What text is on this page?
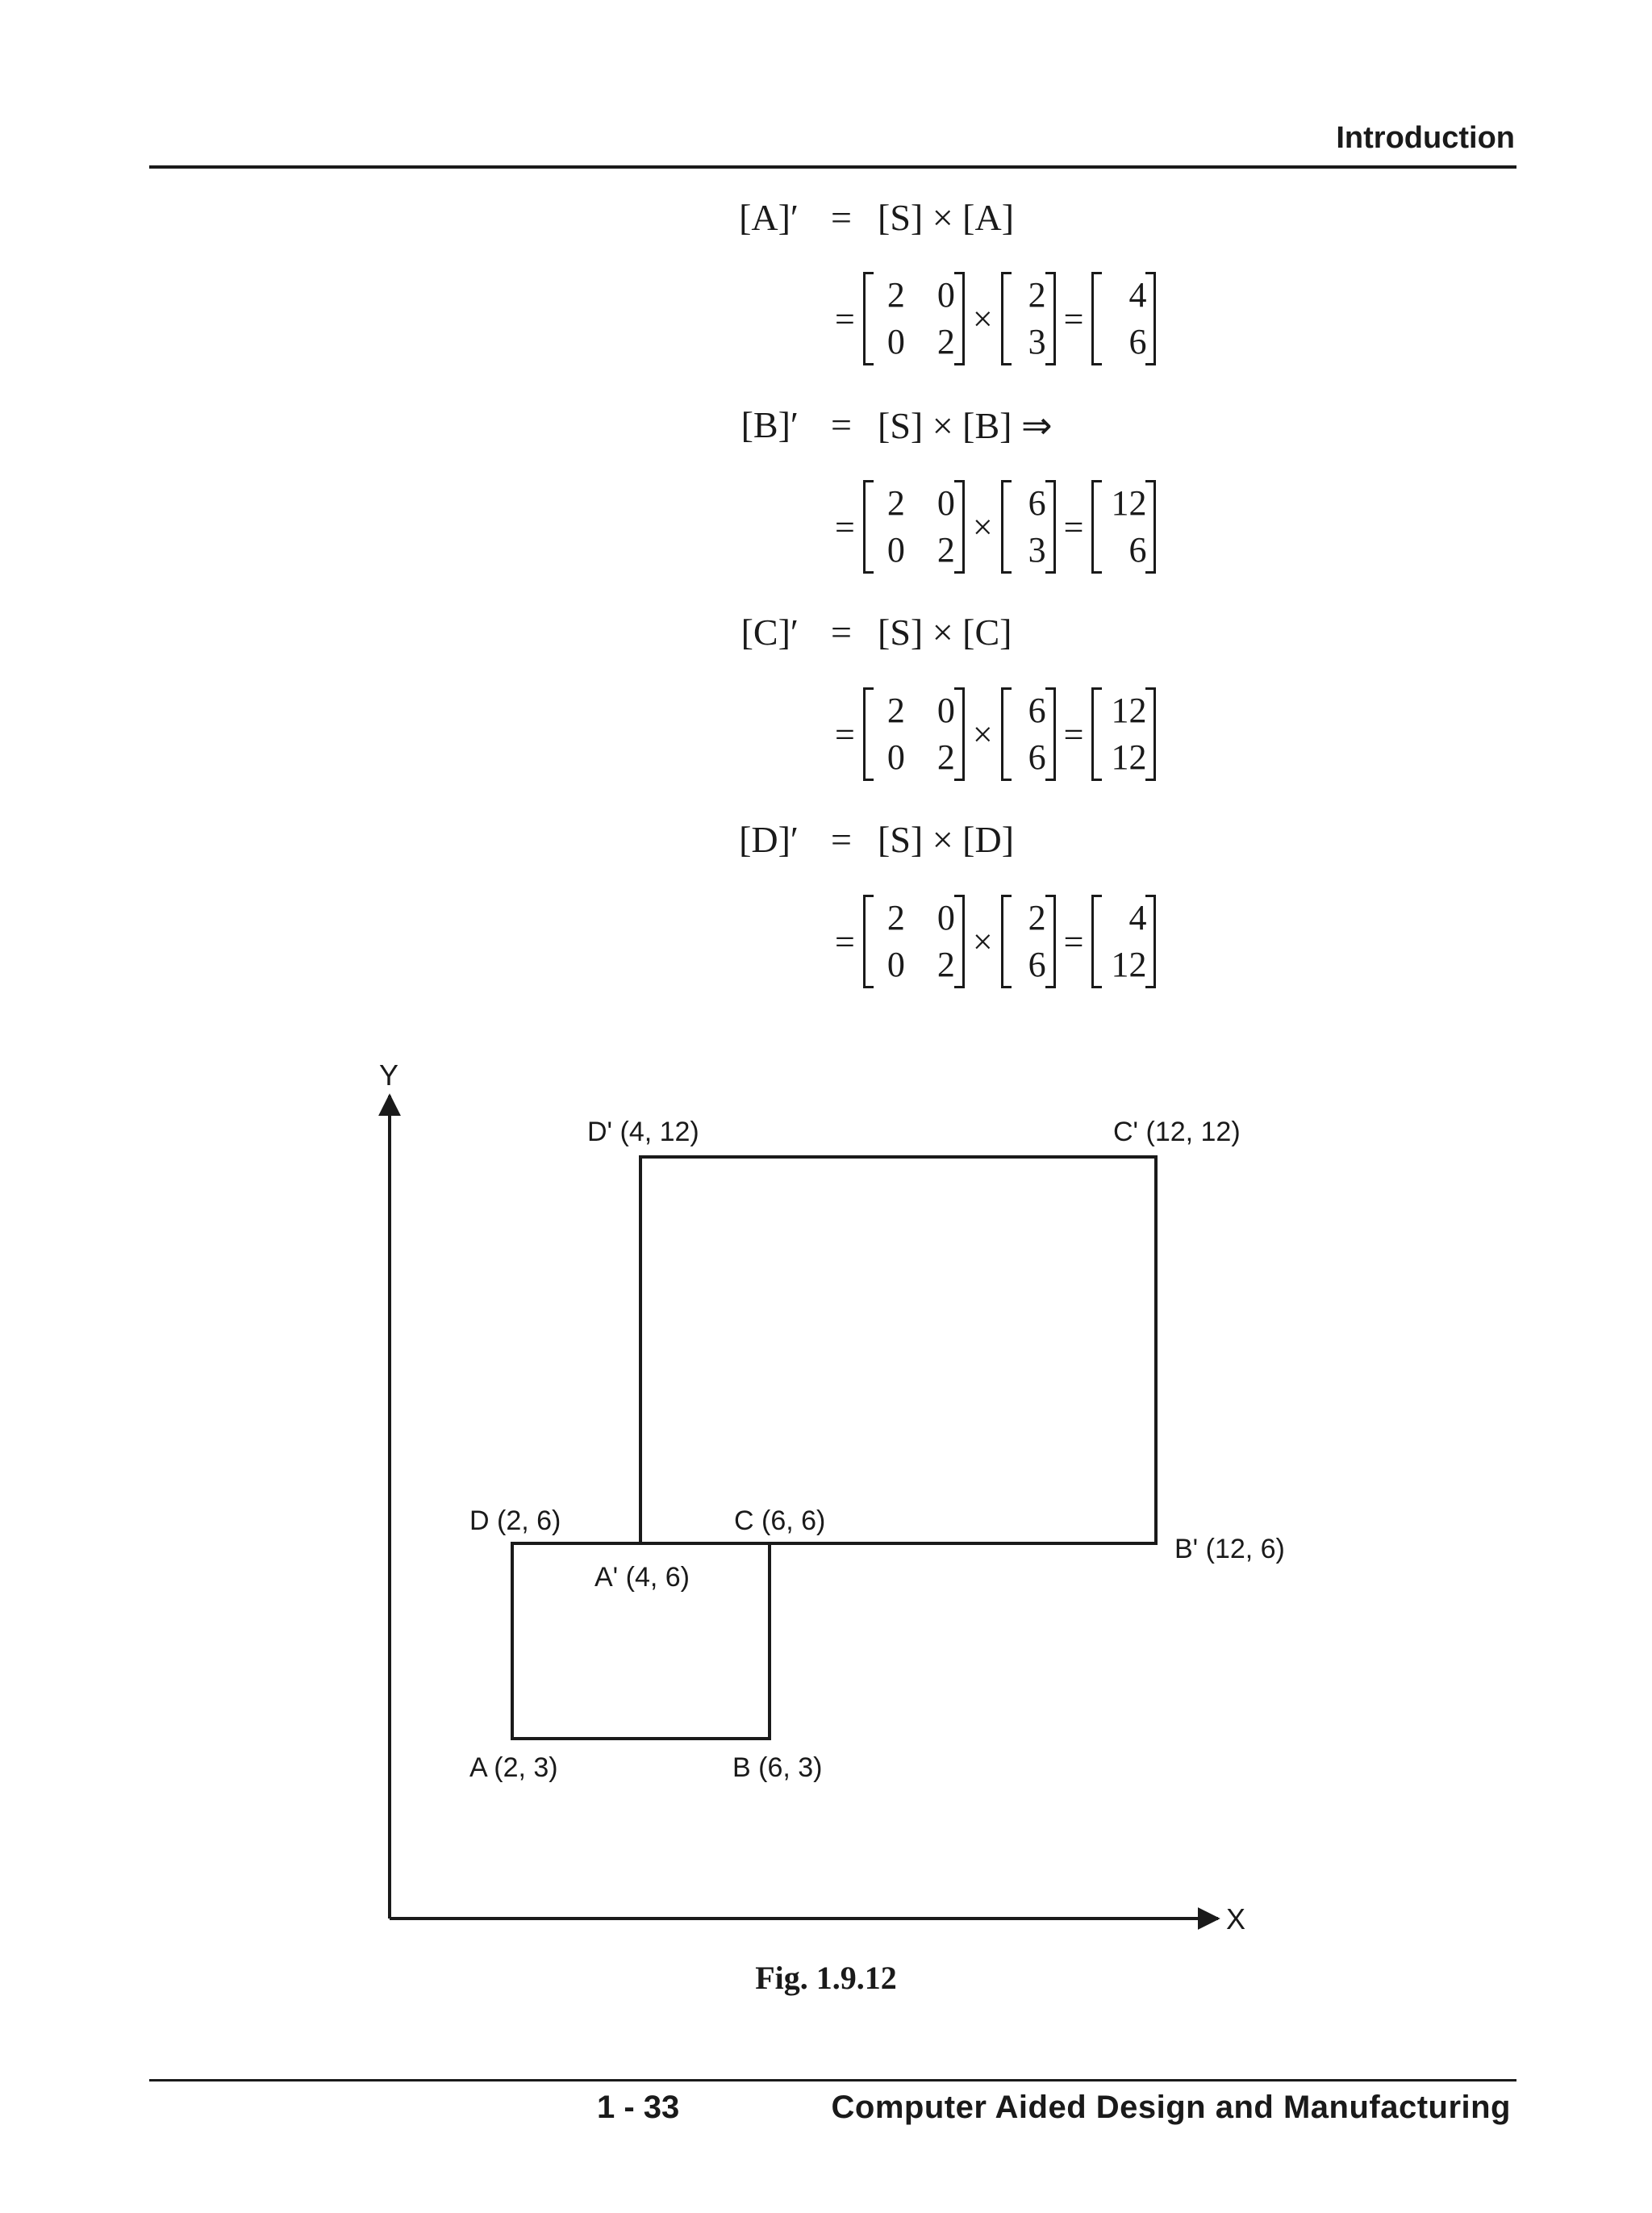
Introduction
[A]′ = [S] × [A]
=
2 0
0 2
×
2
3
=
4
6
[B]′ = [S] × [B] ⇒
=
2 0
0 2
×
6
3
=
12
6
[C]′ = [S] × [C]
=
2 0
0 2
×
6
6
=
12
12
[D]′ = [S] × [D]
=
2 0
0 2
×
2
6
=
4
12
X
Y
A (2, 3)	B (6, 3)
C (6, 6)
D (2, 6)
A' (4, 6)
B' (12, 6)
C' (12, 12)
D' (4, 12)
Fig. 1.9.12
1 - 33	Computer Aided Design and Manufacturing
